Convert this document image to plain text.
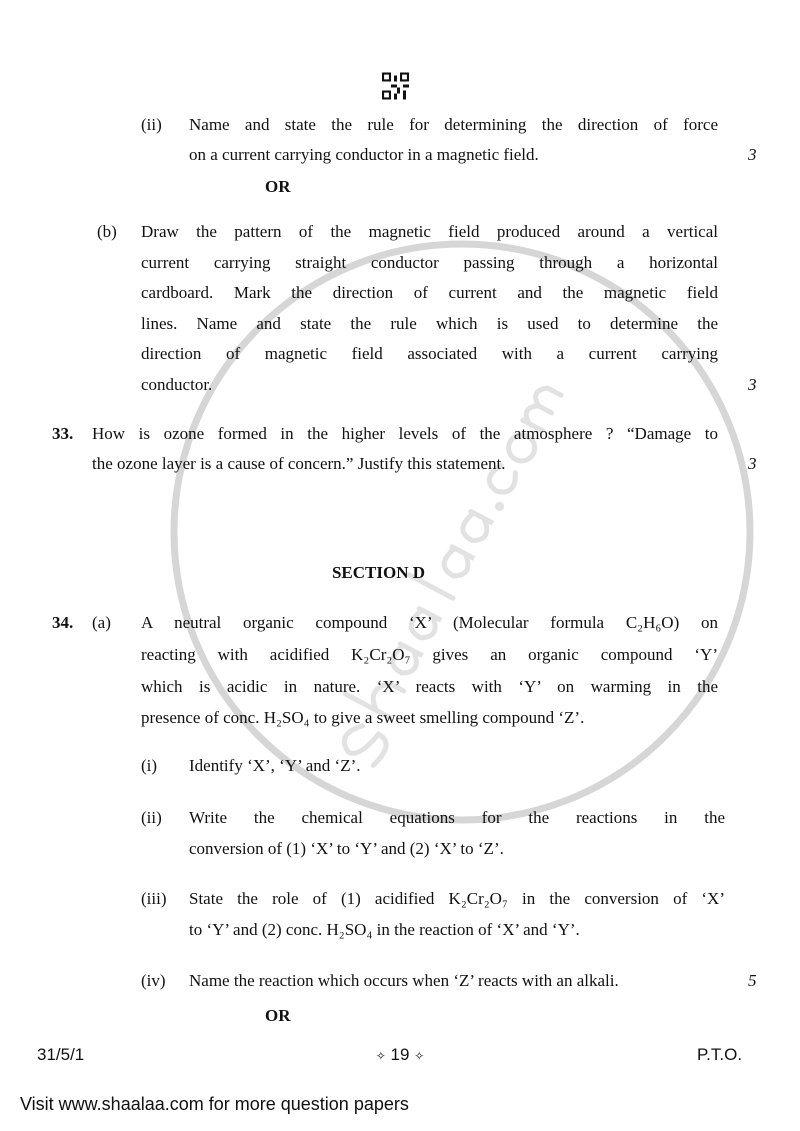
(ii) Name and state the rule for determining the direction of force
on a current carrying conductor in a magnetic field.	3
OR
(b) Draw the pattern of the magnetic field produced around a vertical
current carrying straight conductor passing through a horizontal
cardboard. Mark the direction of current and the magnetic field
lines. Name and state the rule which is used to determine the
direction of magnetic field associated with a current carrying
conductor.	3
33. How is ozone formed in the higher levels of the atmosphere ? “Damage to
the ozone layer is a cause of concern.” Justify this statement.	3
SECTION D
34. (a) A neutral organic compound ‘X’ (Molecular formula C₂H₆O) on
reacting with acidified K₂Cr₂O₇ gives an organic compound ‘Y’
which is acidic in nature. ‘X’ reacts with ‘Y’ on warming in the
presence of conc. H₂SO₄ to give a sweet smelling compound ‘Z’.
(i) Identify ‘X’, ‘Y’ and ‘Z’.
(ii) Write the chemical equations for the reactions in the
conversion of (1) ‘X’ to ‘Y’ and (2) ‘X’ to ‘Z’.
(iii) State the role of (1) acidified K₂Cr₂O₇ in the conversion of ‘X’
to ‘Y’ and (2) conc. H₂SO₄ in the reaction of ‘X’ and ‘Y’.
(iv) Name the reaction which occurs when ‘Z’ reacts with an alkali.	5
OR
31/5/1	✧ 19 ✧	P.T.O.
Visit www.shaalaa.com for more question papers
